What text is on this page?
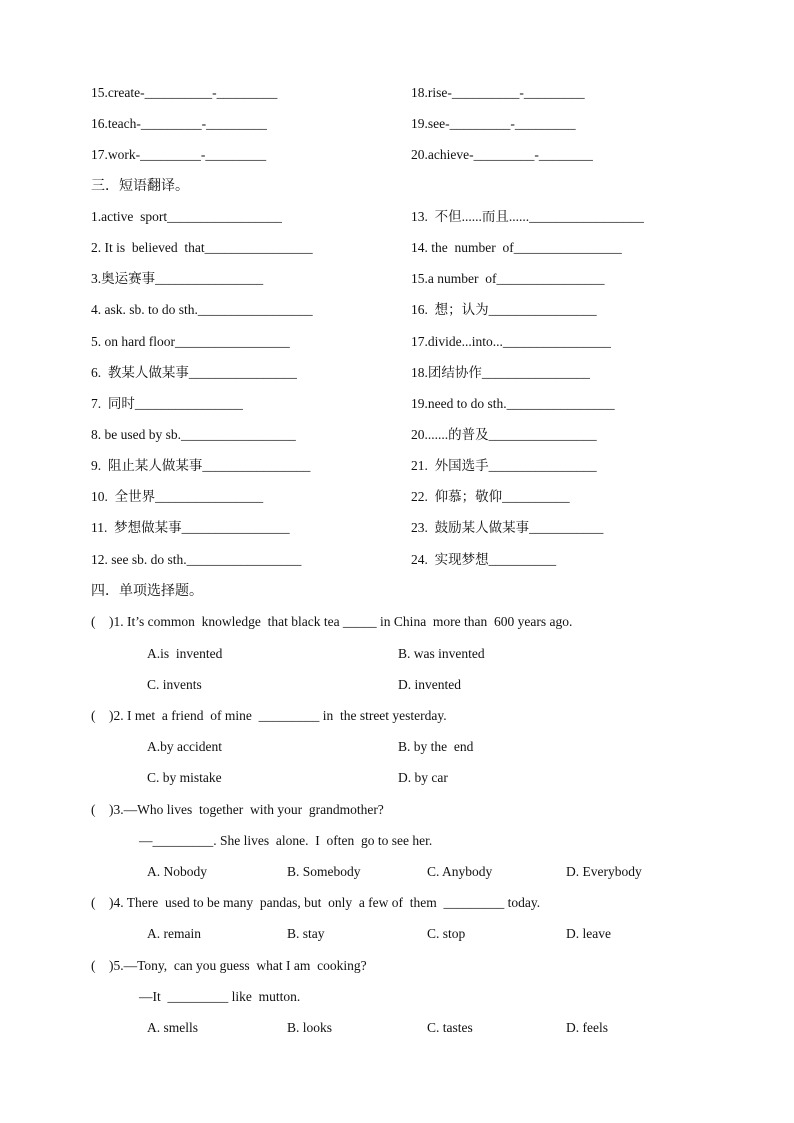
15.create-__________-_________	18.rise-__________-_________
16.teach-_________-_________	19.see-_________-_________
17.work-_________-_________	20.achieve-_________-________
三．短语翻译。
1.active  sport_________________	13.  不但......而且......_________________
2. It is  believed  that________________	14. the  number  of________________
3.奥运赛事________________	15.a number  of________________
4. ask. sb. to do sth._________________	16.  想；认为________________
5. on hard floor_________________	17.divide...into...________________
6.  教某人做某事________________	18.团结协作________________
7.  同时________________	19.need to do sth.________________
8. be used by sb._________________	20.......的普及________________
9.  阻止某人做某事________________	21.  外国选手________________
10.  全世界________________	22.  仰慕；敬仰__________
11.  梦想做某事________________	23.  鼓励某人做某事___________
12. see sb. do sth._________________	24.  实现梦想__________
四．单项选择题。
(    )1. It’s common  knowledge  that black tea _____ in China  more than  600 years ago.
A.is  invented	B. was invented
C. invents	D. invented
(    )2. I met  a friend  of mine  _________ in  the street yesterday.
A.by accident	B. by the  end
C. by mistake	D. by car
(    )3.—Who lives  together  with your  grandmother?
—_________. She lives  alone.  I  often  go to see her.
A. Nobody	B. Somebody	C. Anybody	D. Everybody
(    )4. There  used to be many  pandas, but  only  a few of  them  _________ today.
A. remain	B. stay	C. stop	D. leave
(    )5.—Tony,  can you guess  what I am  cooking?
—It  _________ like  mutton.
A. smells	B. looks	C. tastes	D. feels
